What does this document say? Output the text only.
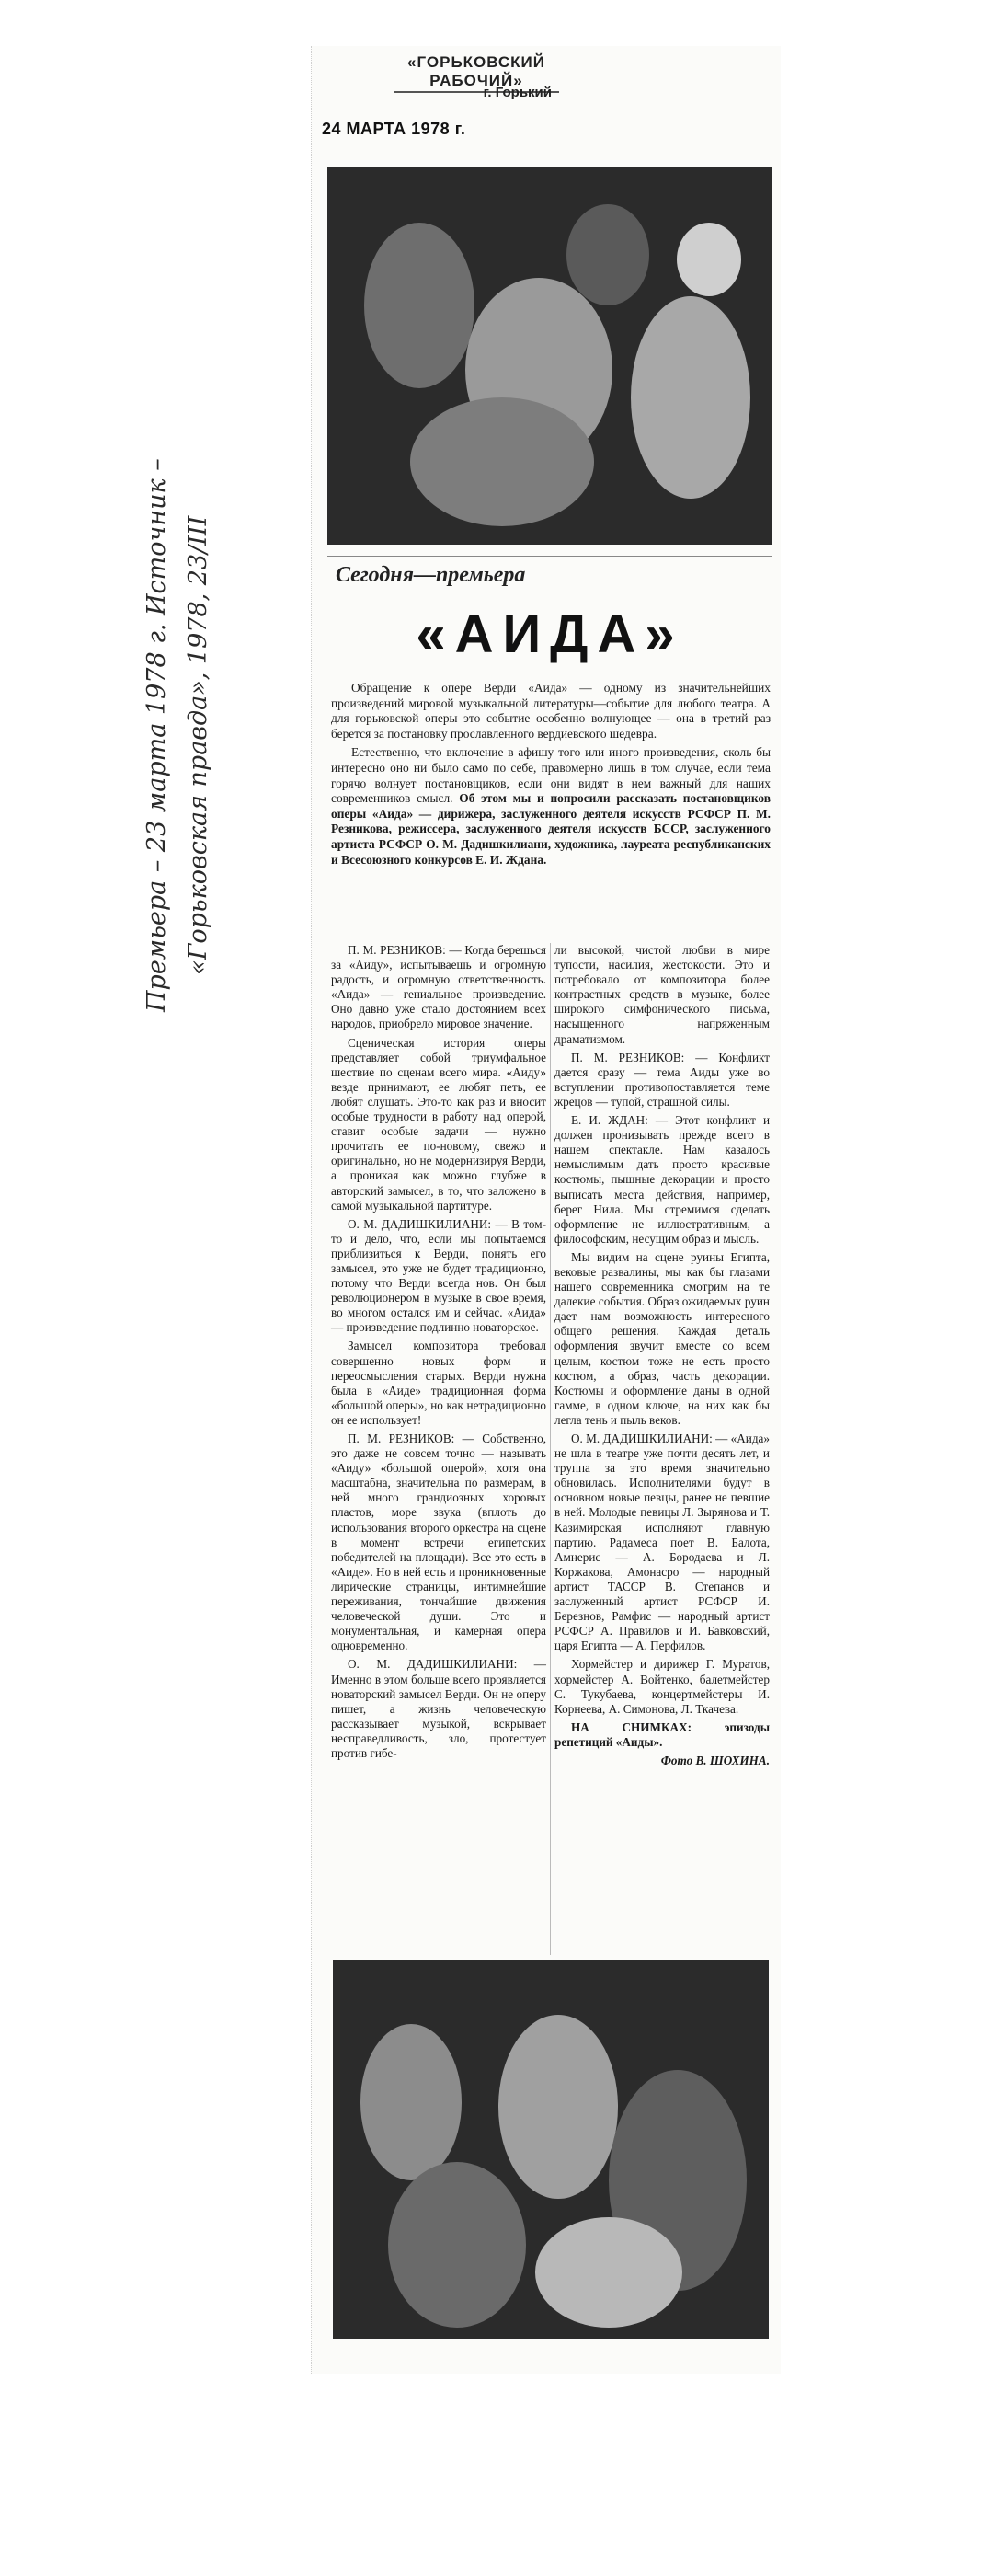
«ГОРЬКОВСКИЙ РАБОЧИЙ»
г. Горький
24 МАРТА 1978 г.
Премьера – 23 марта 1978 г. Источник – «Горьковская правда», 1978, 23/III	Сегодня—премьера
«АИДА»

Обращение к опере Верди «Аида» — одному из значительнейших произведений мировой музыкальной литературы—событие для любого театра. А для горьковской оперы это событие особенно волнующее — она в третий раз берется за постановку прославленного вердиевского шедевра.

Естественно, что включение в афишу того или иного произведения, сколь бы интересно оно ни было само по себе, правомерно лишь в том случае, если тема горячо волнует постановщиков, если они видят в нем важный для наших современников смысл. Об этом мы и попросили рассказать постановщиков оперы «Аида» — дирижера, заслуженного деятеля искусств РСФСР П. М. Резникова, режиссера, заслуженного деятеля искусств БССР, заслуженного артиста РСФСР О. М. Дадишкилиани, художника, лауреата республиканских и Всесоюзного конкурсов Е. И. Ждана.

П. М. РЕЗНИКОВ: — Когда берешься за «Аиду», испытываешь и огромную радость, и огромную ответственность. «Аида» — гениальное произведение. Оно давно уже стало достоянием всех народов, приобрело мировое значение.

Сценическая история оперы представляет собой триумфальное шествие по сценам всего мира. «Аиду» везде принимают, ее любят петь, ее любят слушать. Это-то как раз и вносит особые трудности в работу над оперой, ставит особые задачи — нужно прочитать ее по-новому, свежо и оригинально, но не модернизируя Верди, а проникая как можно глубже в авторский замысел, в то, что заложено в самой музыкальной партитуре.

О. М. ДАДИШКИЛИАНИ: — В том-то и дело, что, если мы попытаемся приблизиться к Верди, понять его замысел, это уже не будет традиционно, потому что Верди всегда нов. Он был революционером в музыке в свое время, во многом остался им и сейчас. «Аида» — произведение подлинно новаторское.

Замысел композитора требовал совершенно новых форм и переосмысления старых. Верди нужна была в «Аиде» традиционная форма «большой оперы», но как нетрадиционно он ее использует!

П. М. РЕЗНИКОВ: — Собственно, это даже не совсем точно — называть «Аиду» «большой оперой», хотя она масштабна, значительна по размерам, в ней много грандиозных хоровых пластов, море звука (вплоть до использования второго оркестра на сцене в момент встречи египетских победителей на площади). Все это есть в «Аиде». Но в ней есть и проникновенные лирические страницы, интимнейшие переживания, тончайшие движения человеческой души. Это и монументальная, и камерная опера одновременно.

О. М. ДАДИШКИЛИАНИ: — Именно в этом больше всего проявляется новаторский замысел Верди. Он не оперу пишет, а жизнь человеческую рассказывает музыкой, вскрывает несправедливость, зло, протестует против гибе-

ли высокой, чистой любви в мире тупости, насилия, жестокости. Это и потребовало от композитора более контрастных средств в музыке, более широкого симфонического письма, насыщенного напряженным драматизмом.

П. М. РЕЗНИКОВ: — Конфликт дается сразу — тема Аиды уже во вступлении противопоставляется теме жрецов — тупой, страшной силы.

Е. И. ЖДАН: — Этот конфликт и должен пронизывать прежде всего в нашем спектакле. Нам казалось немыслимым дать просто красивые костюмы, пышные декорации и просто выписать места действия, например, берег Нила. Мы стремимся сделать оформление не иллюстративным, а философским, несущим образ и мысль.

Мы видим на сцене руины Египта, вековые развалины, мы как бы глазами нашего современника смотрим на те далекие события. Образ ожидаемых руин дает нам возможность интересного общего решения. Каждая деталь оформления звучит вместе со всем целым, костюм тоже не есть просто костюм, а образ, часть декорации. Костюмы и оформление даны в одной гамме, в одном ключе, на них как бы легла тень и пыль веков.

О. М. ДАДИШКИЛИАНИ: — «Аида» не шла в театре уже почти десять лет, и труппа за это время значительно обновилась. Исполнителями будут в основном новые певцы, ранее не певшие в ней. Молодые певицы Л. Зырянова и Т. Казимирская исполняют главную партию. Радамеса поет В. Балота, Амнерис — А. Бородаева и Л. Коржакова, Амонасро — народный артист ТАССР В. Степанов и заслуженный артист РСФСР И. Березнов, Рамфис — народный артист РСФСР А. Правилов и И. Бавковский, царя Египта — А. Перфилов.

Хормейстер и дирижер Г. Муратов, хормейстер А. Войтенко, балетмейстер С. Тукубаева, концертмейстеры И. Корнеева, А. Симонова, Л. Ткачева.

НА СНИМКАХ: эпизоды репетиций «Аиды».

Фото В. ШОХИНА.
